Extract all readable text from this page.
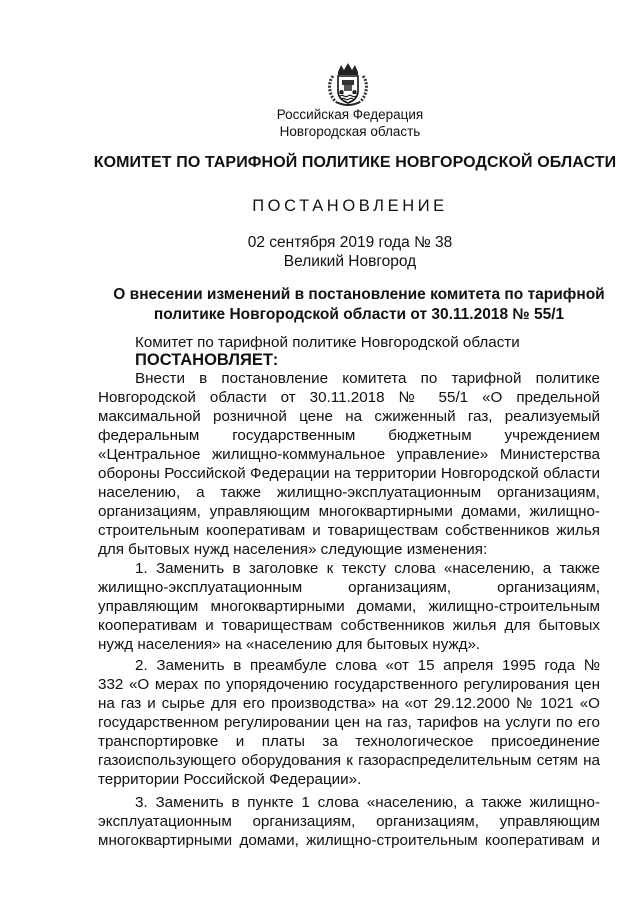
Российская Федерация
Новгородская область
КОМИТЕТ ПО ТАРИФНОЙ ПОЛИТИКЕ НОВГОРОДСКОЙ ОБЛАСТИ
ПОСТАНОВЛЕНИЕ
02 сентября 2019 года № 38
Великий Новгород
О внесении изменений в постановление комитета по тарифной
политике Новгородской области от 30.11.2018 № 55/1
Комитет по тарифной политике Новгородской области
ПОСТАНОВЛЯЕТ:
Внести в постановление комитета по тарифной политике
Новгородской области от 30.11.2018 № 55/1 «О предельной
максимальной розничной цене на сжиженный газ, реализуемый
федеральным государственным бюджетным учреждением
«Центральное жилищно-коммунальное управление» Министерства
обороны Российской Федерации на территории Новгородской области
населению, а также жилищно-эксплуатационным организациям,
организациям, управляющим многоквартирными домами, жилищно-
строительным кооперативам и товариществам собственников жилья
для бытовых нужд населения» следующие изменения:
1. Заменить в заголовке к тексту слова «населению, а также
жилищно-эксплуатационным организациям, организациям,
управляющим многоквартирными домами, жилищно-строительным
кооперативам и товариществам собственников жилья для бытовых
нужд населения» на «населению для бытовых нужд».
2. Заменить в преамбуле слова «от 15 апреля 1995 года №
332 «О мерах по упорядочению государственного регулирования цен
на газ и сырье для его производства» на «от 29.12.2000 № 1021 «О
государственном регулировании цен на газ, тарифов на услуги по его
транспортировке и платы за технологическое присоединение
газоиспользующего оборудования к газораспределительным сетям на
территории Российской Федерации».
3. Заменить в пункте 1 слова «населению, а также жилищно-
эксплуатационным организациям, организациям, управляющим
многоквартирными домами, жилищно-строительным кооперативам и
